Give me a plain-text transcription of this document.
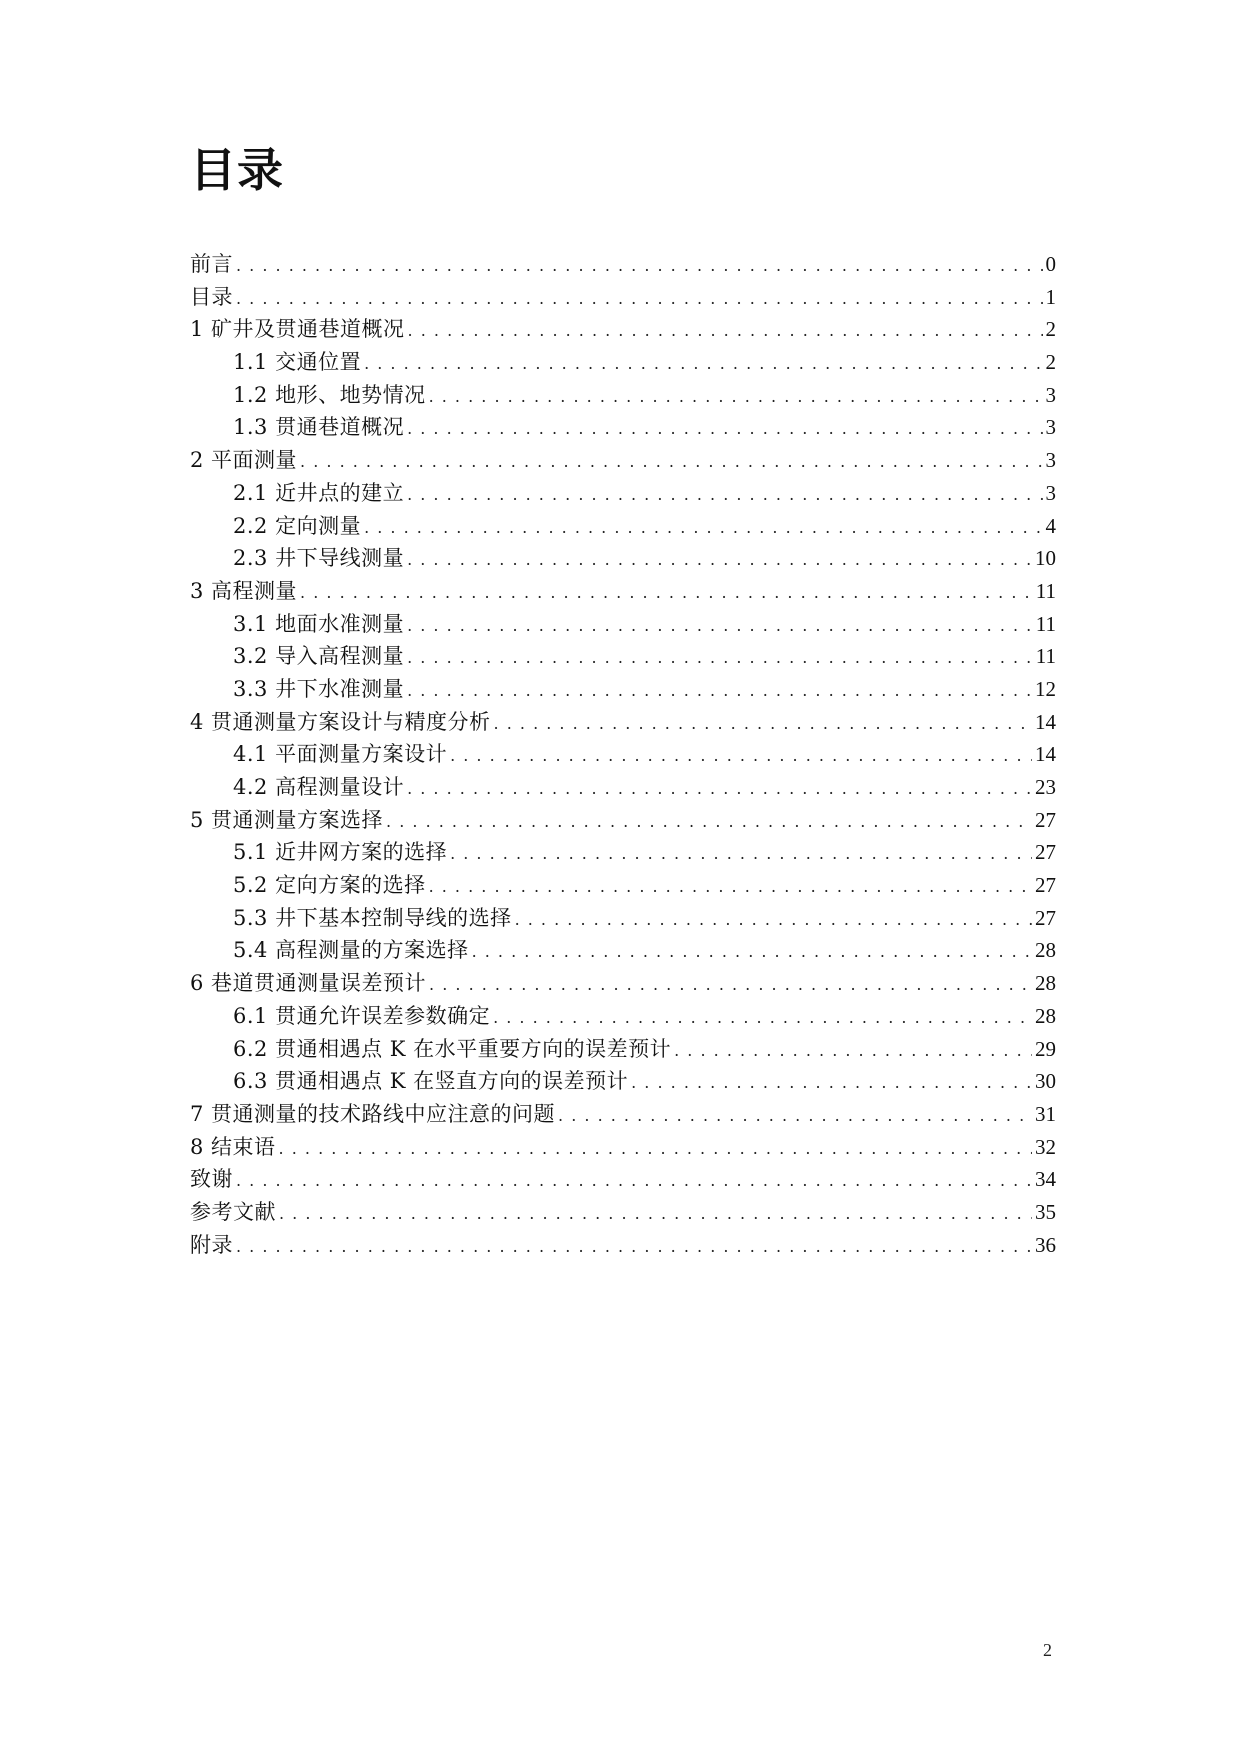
目录
前言 . . .	0
目录 . . .	1
1 矿井及贯通巷道概况 . . .	2
1.1 交通位置 . . .	2
1.2 地形、地势情况 . . .	3
1.3 贯通巷道概况 . . .	3
2 平面测量 . . .	3
2.1 近井点的建立 . . .	3
2.2 定向测量 . . .	4
2.3 井下导线测量 . . .	10
3 高程测量 . . .	11
3.1 地面水准测量 . . .	11
3.2 导入高程测量 . . .	11
3.3 井下水准测量 . . .	12
4 贯通测量方案设计与精度分析 . . .	14
4.1 平面测量方案设计 . . .	14
4.2 高程测量设计 . . .	23
5 贯通测量方案选择 . . .	27
5.1 近井网方案的选择 . . .	27
5.2 定向方案的选择 . . .	27
5.3 井下基本控制导线的选择 . . .	27
5.4 高程测量的方案选择 . . .	28
6 巷道贯通测量误差预计 . . .	28
6.1 贯通允许误差参数确定 . . .	28
6.2 贯通相遇点 K 在水平重要方向的误差预计 . . .	29
6.3 贯通相遇点 K 在竖直方向的误差预计 . . .	30
7 贯通测量的技术路线中应注意的问题 . . .	31
8 结束语 . . .	32
致谢 . . .	34
参考文献 . . .	35
附录 . . .	36
2
